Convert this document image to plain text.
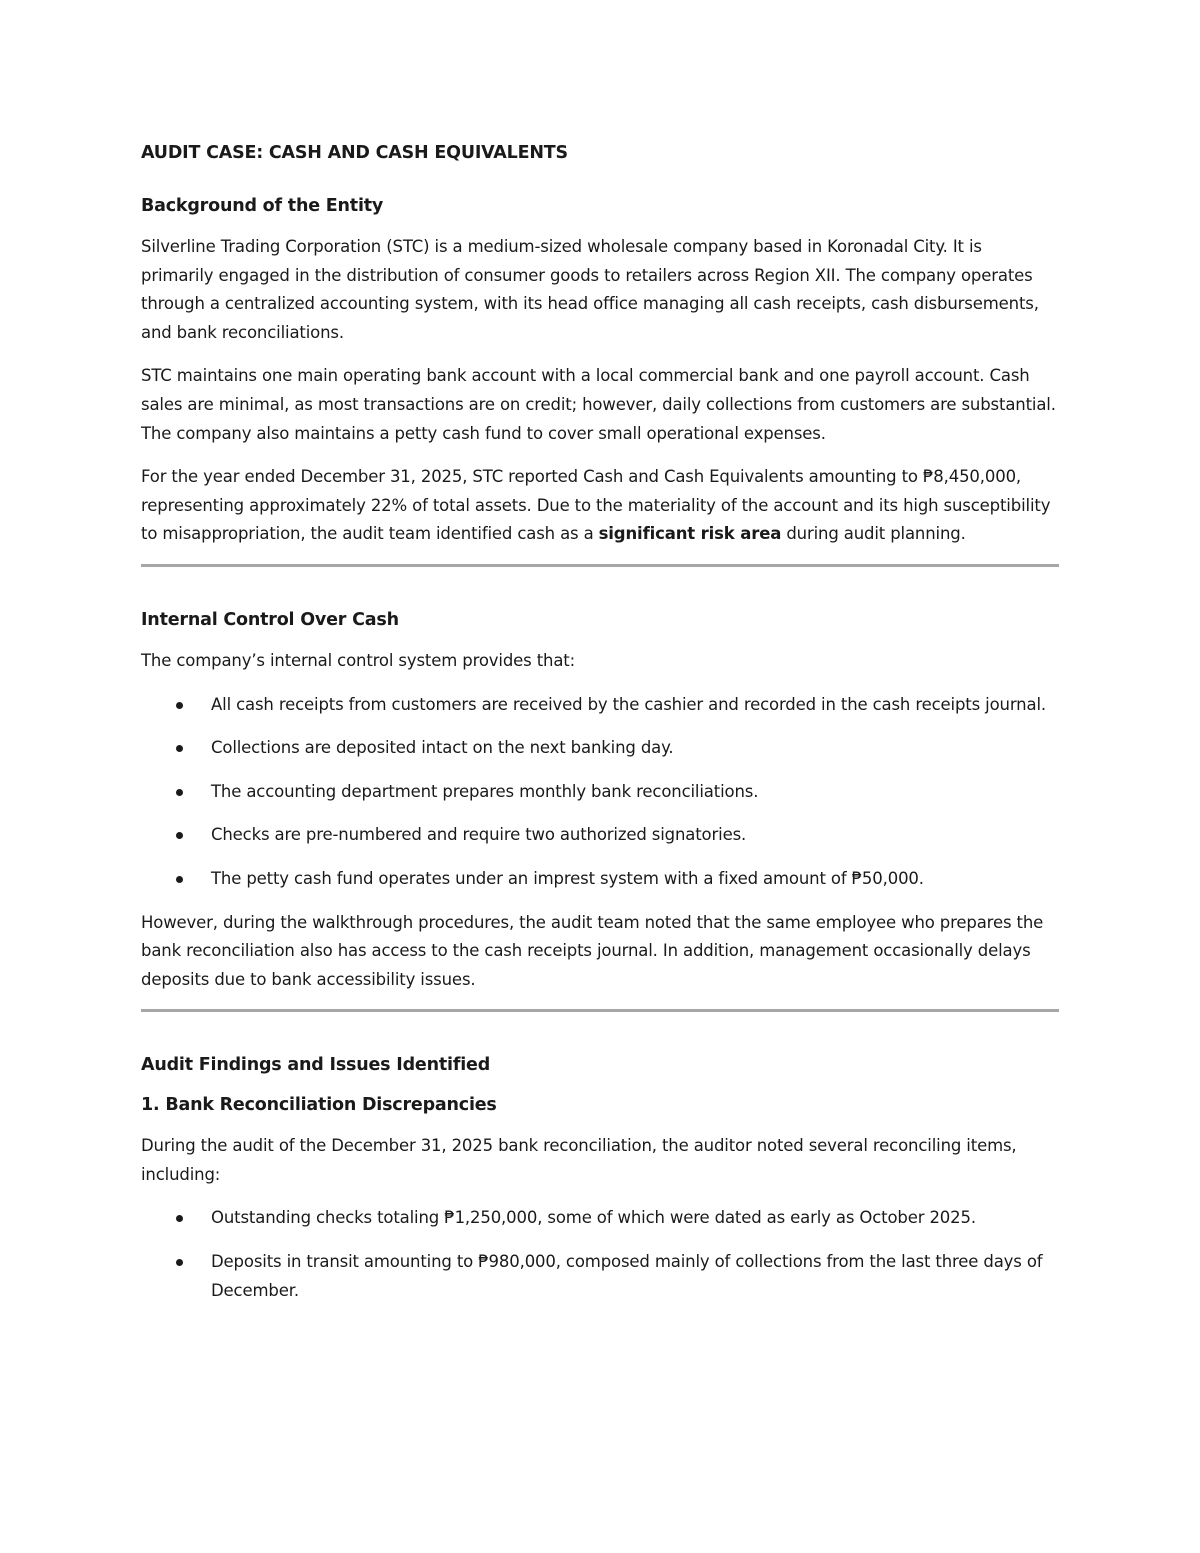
AUDIT CASE: CASH AND CASH EQUIVALENTS
Background of the Entity

Silverline Trading Corporation (STC) is a medium-sized wholesale company based in Koronadal City. It is primarily engaged in the distribution of consumer goods to retailers across Region XII. The company operates through a centralized accounting system, with its head office managing all cash receipts, cash disbursements, and bank reconciliations.

STC maintains one main operating bank account with a local commercial bank and one payroll account. Cash sales are minimal, as most transactions are on credit; however, daily collections from customers are substantial. The company also maintains a petty cash fund to cover small operational expenses.

For the year ended December 31, 2025, STC reported Cash and Cash Equivalents amounting to ₱8,450,000, representing approximately 22% of total assets. Due to the materiality of the account and its high susceptibility to misappropriation, the audit team identified cash as a significant risk area during audit planning.

Internal Control Over Cash

The company’s internal control system provides that:

All cash receipts from customers are received by the cashier and recorded in the cash receipts journal.
Collections are deposited intact on the next banking day.
The accounting department prepares monthly bank reconciliations.
Checks are pre-numbered and require two authorized signatories.
The petty cash fund operates under an imprest system with a fixed amount of ₱50,000.

However, during the walkthrough procedures, the audit team noted that the same employee who prepares the bank reconciliation also has access to the cash receipts journal. In addition, management occasionally delays deposits due to bank accessibility issues.

Audit Findings and Issues Identified
1. Bank Reconciliation Discrepancies

During the audit of the December 31, 2025 bank reconciliation, the auditor noted several reconciling items, including:

Outstanding checks totaling ₱1,250,000, some of which were dated as early as October 2025.
Deposits in transit amounting to ₱980,000, composed mainly of collections from the last three days of December.
